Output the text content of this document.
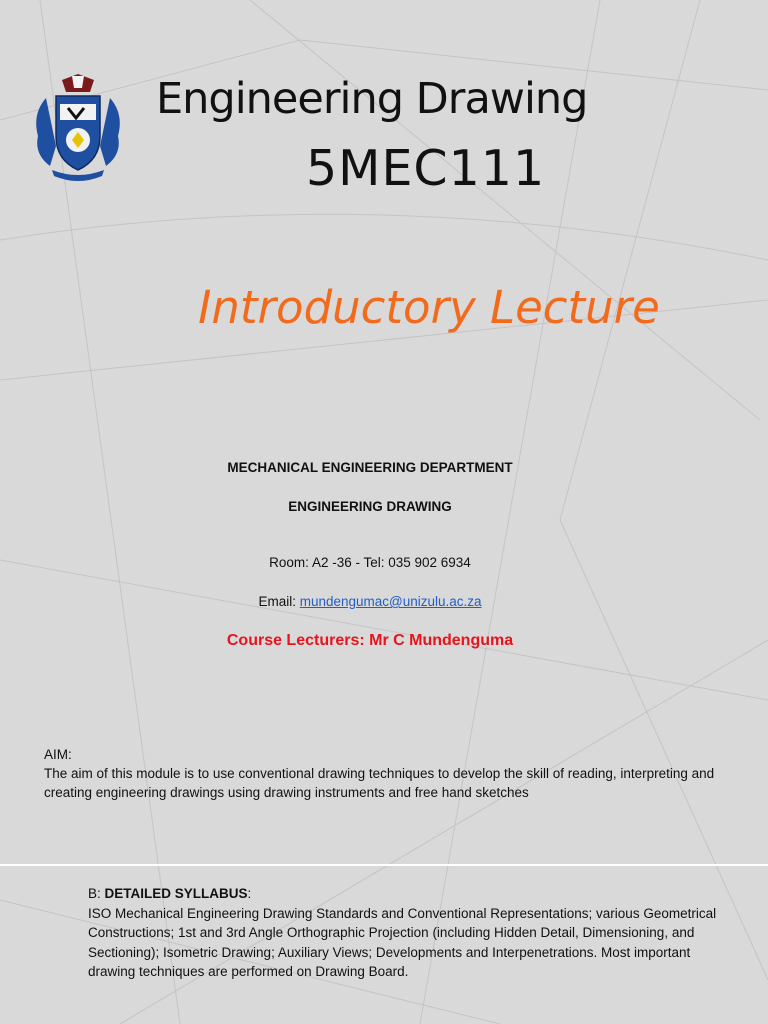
Engineering Drawing
5MEC111
Introductory Lecture
MECHANICAL ENGINEERING DEPARTMENT
ENGINEERING DRAWING
Room: A2 -36 - Tel: 035 902 6934
Email: mundengumac@unizulu.ac.za
Course Lecturers: Mr C Mundenguma

AIM:

The aim of this module is to use conventional drawing techniques to develop the skill of reading, interpreting and creating engineering drawings using drawing instruments and free hand sketches

B: DETAILED SYLLABUS:

ISO Mechanical Engineering Drawing Standards and Conventional Representations; various Geometrical Constructions; 1st and 3rd Angle Orthographic Projection (including Hidden Detail, Dimensioning, and Sectioning); Isometric Drawing; Auxiliary Views; Developments and Interpenetrations. Most important drawing techniques are performed on Drawing Board.
